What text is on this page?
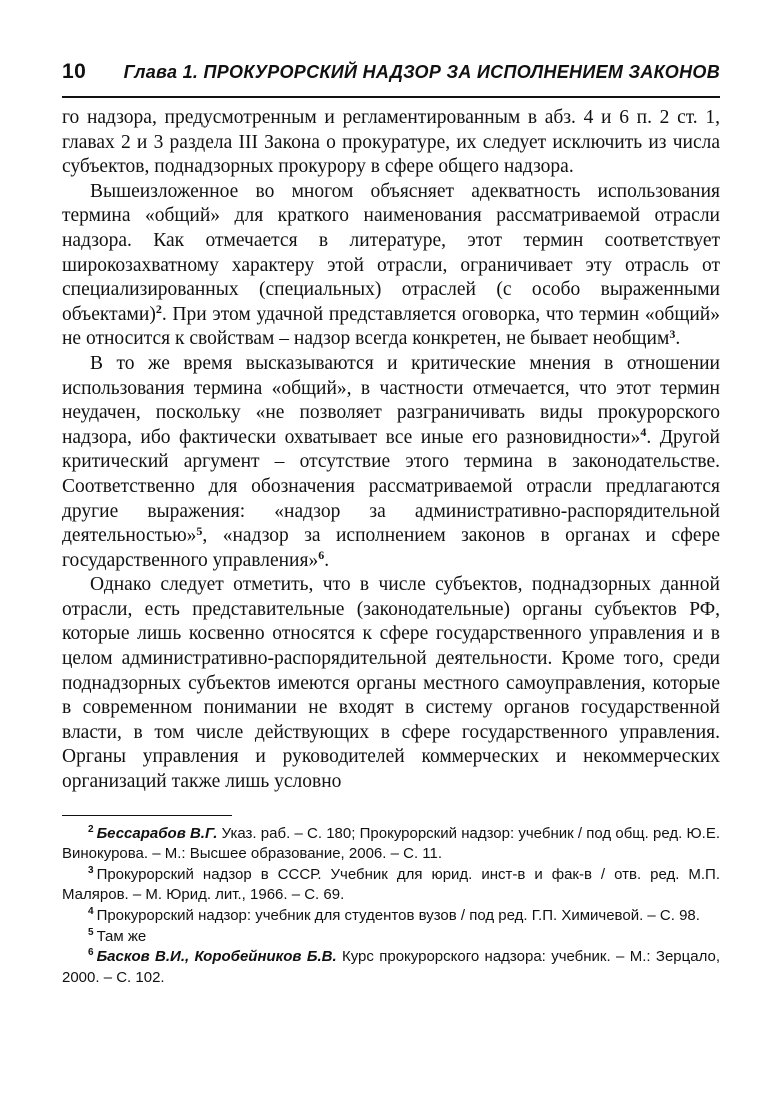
10 Глава 1. ПРОКУРОРСКИЙ НАДЗОР ЗА ИСПОЛНЕНИЕМ ЗАКОНОВ

го надзора, предусмотренным и регламентированным в абз. 4 и 6 п. 2 ст. 1, главах 2 и 3 раздела III Закона о прокуратуре, их следует исключить из числа субъектов, поднадзорных прокурору в сфере общего надзора.

Вышеизложенное во многом объясняет адекватность использования термина «общий» для краткого наименования рассматриваемой отрасли надзора. Как отмечается в литературе, этот термин соответствует широкозахватному характеру этой отрасли, ограничивает эту отрасль от специализированных (специальных) отраслей (с особо выраженными объектами)$^2$. При этом удачной представляется оговорка, что термин «общий» не относится к свойствам – надзор всегда конкретен, не бывает необщим$^3$.

В то же время высказываются и критические мнения в отношении использования термина «общий», в частности отмечается, что этот термин неудачен, поскольку «не позволяет разграничивать виды прокурорского надзора, ибо фактически охватывает все иные его разновидности»$^4$. Другой критический аргумент – отсутствие этого термина в законодательстве. Соответственно для обозначения рассматриваемой отрасли предлагаются другие выражения: «надзор за административно-распорядительной деятельностью»$^5$, «надзор за исполнением законов в органах и сфере государственного управления»$^6$.

Однако следует отметить, что в числе субъектов, поднадзорных данной отрасли, есть представительные (законодательные) органы субъектов РФ, которые лишь косвенно относятся к сфере государственного управления и в целом административно-распорядительной деятельности. Кроме того, среди поднадзорных субъектов имеются органы местного самоуправления, которые в современном понимании не входят в систему органов государственной власти, в том числе действующих в сфере государственного управления. Органы управления и руководителей коммерческих и некоммерческих организаций также лишь условно

$^2$ Бессарабов В.Г. Указ. раб. – С. 180; Прокурорский надзор: учебник / под общ. ред. Ю.Е. Винокурова. – М.: Высшее образование, 2006. – С. 11.

$^3$ Прокурорский надзор в СССР. Учебник для юрид. инст-в и фак-в / отв. ред. М.П. Маляров. – М. Юрид. лит., 1966. – С. 69.

$^4$ Прокурорский надзор: учебник для студентов вузов / под ред. Г.П. Химичевой. – С. 98.

$^5$ Там же

$^6$ Басков В.И., Коробейников Б.В. Курс прокурорского надзора: учебник. – М.: Зерцало, 2000. – С. 102.
